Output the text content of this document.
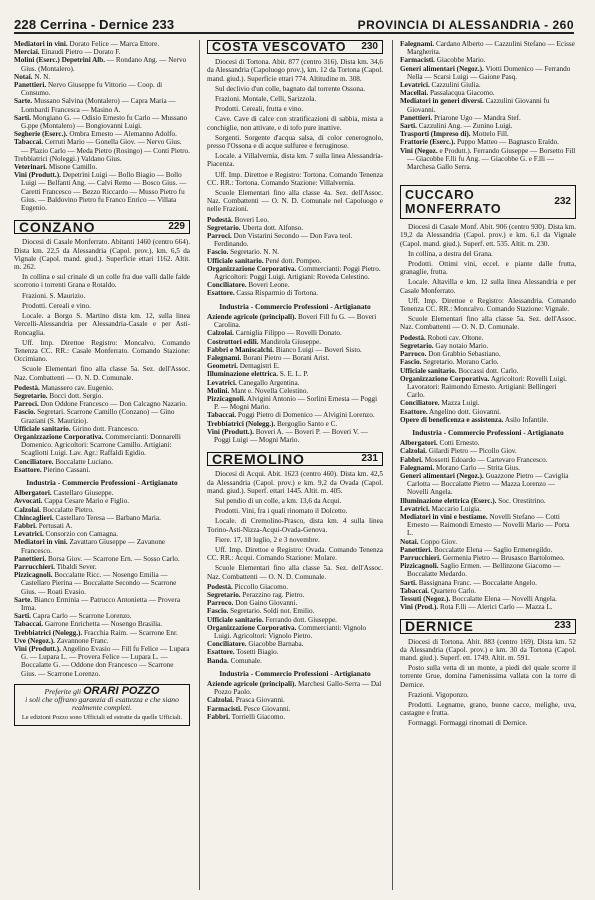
228 Cerrina - Dernice 233	PROVINCIA DI ALESSANDRIA - 260

Mediatori in vini. Dorato Felice — Marca Ettore.

Merciai. Einaudi Pietro — Dorato F.

Molini (Eserc.) Depetrini Alb. — Rondano Ang. — Nervo Gius. (Montalero).

Notai. N. N.

Panettieri. Nervo Giuseppe fu Vittorio — Coop. di Consumo.

Sarte. Mussano Salvina (Montalero) — Capra Maria — Lombardi Francesca — Masino A.

Sarti. Mongiano G. — Odisio Ernesto fu Carlo — Mussano G.ppe (Montalero) — Bongiovanni Luigi.

Segherie (Eserc.). Ombra Ernesto — Alemanno Adolfo.

Tabaccai. Cerruti Mario — Gonella Giov. — Nervo Gius. — Plazio Carlo — Meda Pietro (Rosingo) — Conti Pietro.

Trebbiatrici (Noleggi.) Valdano Gius.

Veterinari. Misone Camillo.

Vini (Produtt.). Depetrini Luigi — Bollo Biagio — Bollo Luigi — Belfanti Ang. — Calvi Remo — Bosco Gius. — Caretti Francesco — Bezzo Riccardo — Musso Pietro fu Gius. — Baldovino Pietro fu Franco Enrico — Villata Eugenio.

CONZANO	229

Diocesi di Casale Monferrato. Abitanti 1460 (centro 664). Dista km. 22,5 da Alessandria (Capol. prov.), km. 6,5 da Vignale (Capol. mand. giud.). Superficie ettari 1162. Altit. m. 262.

In collina e sul crinale di un colle fra due valli dalle falde scorrono i torrenti Grana e Rotaldo.

Frazioni. S. Maurizio.

Prodotti. Cereali e vino.

Locale. a Borgo S. Martino dista km. 12, sulla linea Vercelli-Alessandria per Alessandria-Casale e per Asti-Roncaglia.

Uff. Imp. Direttoe Registro: Moncalvo. Comando Tenenza CC. RR.: Casale Monferrato. Comando Stazione: Occimiano.

Scuole Elementari fino alla classe 5a. Sez. dell'Assoc. Naz. Combattenti — O. N. D. Comunale.

Podestà. Manassero cav. Eugenio.

Segretario. Bocci dott. Sergio.

Parroci. Don Oddone Francesco — Don Calcagno Nazario.

Fascio. Segretari. Scarrone Camillo (Conzano) — Gino Graziani (S. Maurizio).

Ufficiale sanitario. Girino dott. Francesco.

Organizzazione Corporativa. Commercianti: Donnarelli Domenico. Agricoltori: Scarrone Camillo. Artigiani: Scaglìotti Luigi. Lav. Agr.: Raffaldi Egidio.

Conciliatore. Boccalatte Luciano.

Esattore. Pierino Cassani.

Industria - Commercio Professioni - Artigianato

Albergatori. Castellaro Giuseppe.

Avvocati. Cappa Cesare Mario e Figlio.

Calzolai. Boccalatte Pietro.

Chincaglieri. Castellaro Teresa — Barbano Maria.

Fabbri. Pertusati A.

Levatrici. Consorzio con Camagna.

Mediatori in vini. Zavattaro Giuseppe — Zavanone Francesco.

Panettieri. Borsa Giov. — Scarrone Ern. — Sosso Carlo.

Parrucchieri. Tibaldi Sever.

Pizzicagnoli. Boccalatte Ricc. — Nosengo Emilia — Castellaro Pierina — Boccalatte Secondo — Scarrone Gius. — Roati Evasio.

Sarte. Bianco Erminia — Patrucco Antonietta — Provera Irma.

Sarti. Capra Carlo — Scarrone Lorenzo.

Tabaccai. Garrone Enrichetta — Nosengo Brasilia.

Trebbiatrici (Nolegg.). Fracchia Raim. — Scarrone Enr.

Uve (Negoz.). Zavannone Franc.

Vini (Produtt.). Angelino Evasio — Fill fu Felice — Lupara G. — Lupara L. — Provera Felice — Lupara L. — Boccalatte G. — Oddone don Francesco — Scarrone Gius. — Scarrone Lorenzo.

Preferite gli ORARI POZZO
i soli che offrano garanzia di esattezza e che siano realmente completi.
Le edizioni Pozzo sono Ufficiali ed estratte da quelle Ufficiali.
COSTA VESCOVATO 230

Diocesi di Tortona. Abit. 877 (centro 316). Dista km. 34,6 da Alessandria (Capoluogo prov.), km. 12 da Tortona (Capol. mand. giud.). Superficie ettari 774. Altitudine m. 308.

Sul declivio d'un colle, bagnato dal torrente Ossona.

Frazioni. Montale, Celli, Sarizzola.

Prodotti. Cereali, frutta e vino.

Cave. Cave di calce con stratificazioni di sabbia, mista a conchiglie, non attivate, e di tofo pure inattive.

Sorgenti. Sorgente d'acqua salsa, di color cenerognolo, presso l'Ossona e di acque sulfuree e ferruginose.

Locale. a Villalvernia, dista km. 7 sulla linea Alessandria-Piacenza.

Uff. Imp. Direttoe e Registro: Tortona. Comando Tenenza CC. RR.: Tortona. Comando Stazione: Villalvernia.

Scuole Elementari fino alla classe 4a. Sez. dell'Assoc. Naz. Combattenti — O. N. D. Comunale nel Capoluogo e nelle Frazioni.

Podestà. Boveri Leo.

Segretario. Uberta dott. Alfonso.

Parroci. Don Vistarini Secondo — Don Fava teol. Ferdinando.

Fascio. Segretario. N. N.

Ufficiale sanitario. Pené dott. Pompeo.

Organizzazione Corporativa. Commercianti: Poggi Pietro. Agricoltori: Poggi Luigi. Artigiani: Roveda Celestino.

Conciliatore. Boveri Leone.

Esattore. Cassa Risparmio di Tortona.

Industria - Commercio Professioni - Artigianato

Aziende agricole (principali). Boveri Fill fu G. — Boveri Carolina.

Calzolai. Carniglia Filippo — Rovelli Donato.

Costruttori edili. Mandirola Giuseppe.

Fabbri e Maniscalchi. Bianco Luigi — Boveri Sisto.

Falegnami. Borani Pietro — Borani Arist.

Geometri. Demagistri E.

Illuminazione elettrica. S. E. L. P.

Levatrici. Canegallo Argentina.

Molini. Mant e. Novella Celestino.

Pizzicagnoli. Alvigini Antonio — Sorlini Ernesta — Poggi P. — Mogni Mario.

Tabaccai. Poggi Pietro di Domenico — Alvigini Lorenzo.

Trebbiatrici (Nolegg.). Bergoglio Santo e C.

Vini (Produtt.). Boveri A. — Boveri P. — Boveri V. — Poggi Luigi — Mogni Mario.

CREMOLINO	231

Diocesi di Acqui. Abit. 1623 (centro 460). Dista km. 42,5 da Alessandria (Capol. prov.) e km. 9,2 da Ovada (Capol. mand. giud.). Superf. ettari 1445. Altit. m. 405.

Sul pendio di un colle, a km. 13,6 da Acqui.

Prodotti. Vini, fra i quali rinomato il Dolcetto.

Locale. di Cremolino-Prasco, dista km. 4 sulla linea Torino-Asti-Nizza-Acqui-Ovada-Genova.

Fiere. 17, 18 luglio, 2 e 3 novembre.

Uff. Imp. Direttoe e Registro: Ovada. Comando Tenenza CC. RR.: Acqui. Comando Stazione: Molare.

Scuole Elementari fino alla classe 5a. Sez. dell'Assoc. Naz. Combattenti — O. N. D. Comunale.

Podestà. Piccollo Giacomo.

Segretario. Perazzino rag. Pietro.

Parroco. Don Gaino Giovanni.

Fascio. Segretario. Soldi not. Emilio.

Ufficiale sanitario. Ferrando dott. Giuseppe.

Organizzazione Corporativa. Commercianti: Vignolo Luigi. Agricoltori: Vignolo Pietro.

Conciliatore. Giacobbe Barnaba.

Esattore. Tosetti Biagio.

Banda. Comunale.

Industria - Commercio Professioni - Artigianato

Aziende agricole (principali). Marchesi Gallo-Serra — Dal Pozzo Paolo.

Calzolai. Prasca Giovanni.

Farmacisti. Pesce Giovanni.

Fabbri. Torrielli Giacomo.

Falegnami. Cardano Alberto — Cazzulini Stefano — Ecisse Margherita.

Farmacisti. Giacobbe Mario.

Generi alimentari (Negoz.). Viotti Domenico — Ferrando Nella — Scarsi Luigi — Gaione Pasq.

Levatrici. Cazzulini Giulia.

Macellai. Passalacqua Giacomo.

Mediatori in generi diversi. Cazzulini Giovanni fu Giovanni.

Panettieri. Priarone Ugo — Mandra Stef.

Sarti. Cazzulini Ang. — Zunino Luigi.

Trasporti (Impreso di). Mottelo Fill.

Frattorie (Eserc.). Puppo Matteo — Bagnasco Eraldo.

Vini (Negoz. e Produtt.). Ferrando Giuseppe — Borsetto Fill — Giacobbe F.lli fu Ang. — Giacobbe G. e F.lli — Marchesa Gallo Serra.

CUCCARO MONFERRATO
232

Diocesi di Casale Monf. Abit. 906 (centro 930). Dista km. 19,2 da Alessandria (Capol. prov.) e km. 6,1 da Vignale (Capol. mand. giud.). Superf. ett. 535. Altit. m. 230.

In collina, a destra del Grana.

Prodotti. Ottimi vini, eccel. e piante dalle frutta, granaglie, frutta.

Locale. Altavilla e km. 12 sulla linea Alessandria e per Casale Monferrato.

Uff. Imp. Direttoe e Registro: Alessandria. Comando Tenenza CC. RR.: Moncalvo. Comando Stazione: Vignale.

Scuole Elementari fino alla classe 5a. Sez. dell'Assoc. Naz. Combattenti — O. N. D. Comunale.

Podestà. Roboti cav. Oltone.

Segretario. Gay notaio Mario.

Parroco. Don Grabbio Sebastiano.

Fascio. Segretario. Morano Carlo.

Ufficiale sanitario. Boccassi dott. Carlo.

Organizzazione Corporativa. Agricoltori: Rovelli Luigi. Lavoratori: Raimondo Ernesto. Artigiani: Bellingeri Carlo.

Conciliatore. Mazza Luigi.

Esattore. Angelino dott. Giovanni.

Opere di beneficenza e assistenza. Asilo Infantile.

Industria - Commercio Professioni - Artigianato

Albergatori. Cotti Ernesto.

Calzolai. Gilardi Pietro — Picollo Giov.

Fabbri. Mossetti Edoardo — Cartevaro Francesco.

Falegnami. Morano Carlo — Strita Gius.

Generi alimentari (Negoz.). Guazzone Pietro — Caviglia Carlotta — Boccalatte Pietro — Mazza Lorenzo — Novelli Angela.

Illuminazione elettrica (Eserc.). Soc. Orestitrino.

Levatrici. Maccario Luigia.

Mediatori in vini e bestiame. Novelli Stefano — Cotti Ernesto — Raimondi Ernesto — Novelli Mario — Porta L.

Notai. Coppo Giov.

Panettieri. Boccalatte Elena — Saglio Ermenegildo.

Parrucchieri. Germenia Pietro — Brusasco Bartolomeo.

Pizzicagnoli. Saglio Ermen. — Bellinzone Giacomo — Boccalatte Medardo.

Sarti. Bassignana Franc. — Boccalatte Angelo.

Tabaccai. Quartero Carlo.

Tessuti (Negoz.). Boccalatte Elena — Novelli Angela.

Vini (Prod.). Rota F.lli — Alerici Carlo — Mazza L.

DERNICE	233

Diocesi di Tortona. Abit. 883 (centro 169). Dista km. 52 da Alessandria (Capol. prov.) e km. 30 da Tortona (Capol. mand. giud.). Superf. ett. 1749. Altit. m. 591.

Posto sulla vetta di un monte, a piedi del quale scorre il torrente Grue, domina l'amenissima vallata con la torre di Dernice.

Frazioni. Vigoponzo.

Prodotti. Legname, grano, buone cacce, melighe, uva, castagne e frutta.

Formaggi. Formaggi rinomati di Dernice.
